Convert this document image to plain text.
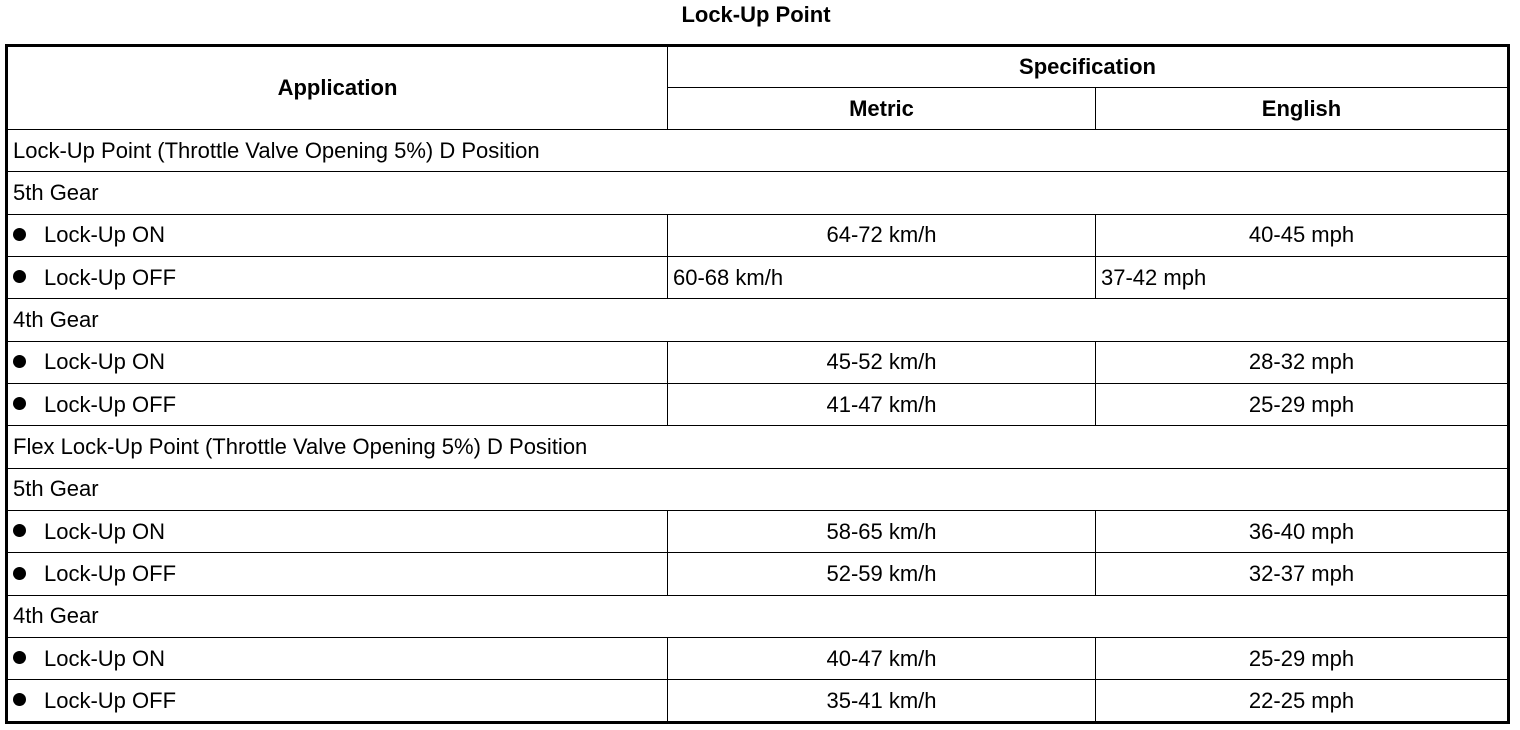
Lock-Up Point
Application	Specification	
	Metric	English
Lock-Up Point (Throttle Valve Opening 5%) D Position		
5th Gear		
Lock-Up ON	64-72 km/h	40-45 mph
Lock-Up OFF	60-68 km/h	37-42 mph
4th Gear		
Lock-Up ON	45-52 km/h	28-32 mph
Lock-Up OFF	41-47 km/h	25-29 mph
Flex Lock-Up Point (Throttle Valve Opening 5%) D Position		
5th Gear		
Lock-Up ON	58-65 km/h	36-40 mph
Lock-Up OFF	52-59 km/h	32-37 mph
4th Gear		
Lock-Up ON	40-47 km/h	25-29 mph
Lock-Up OFF	35-41 km/h	22-25 mph
